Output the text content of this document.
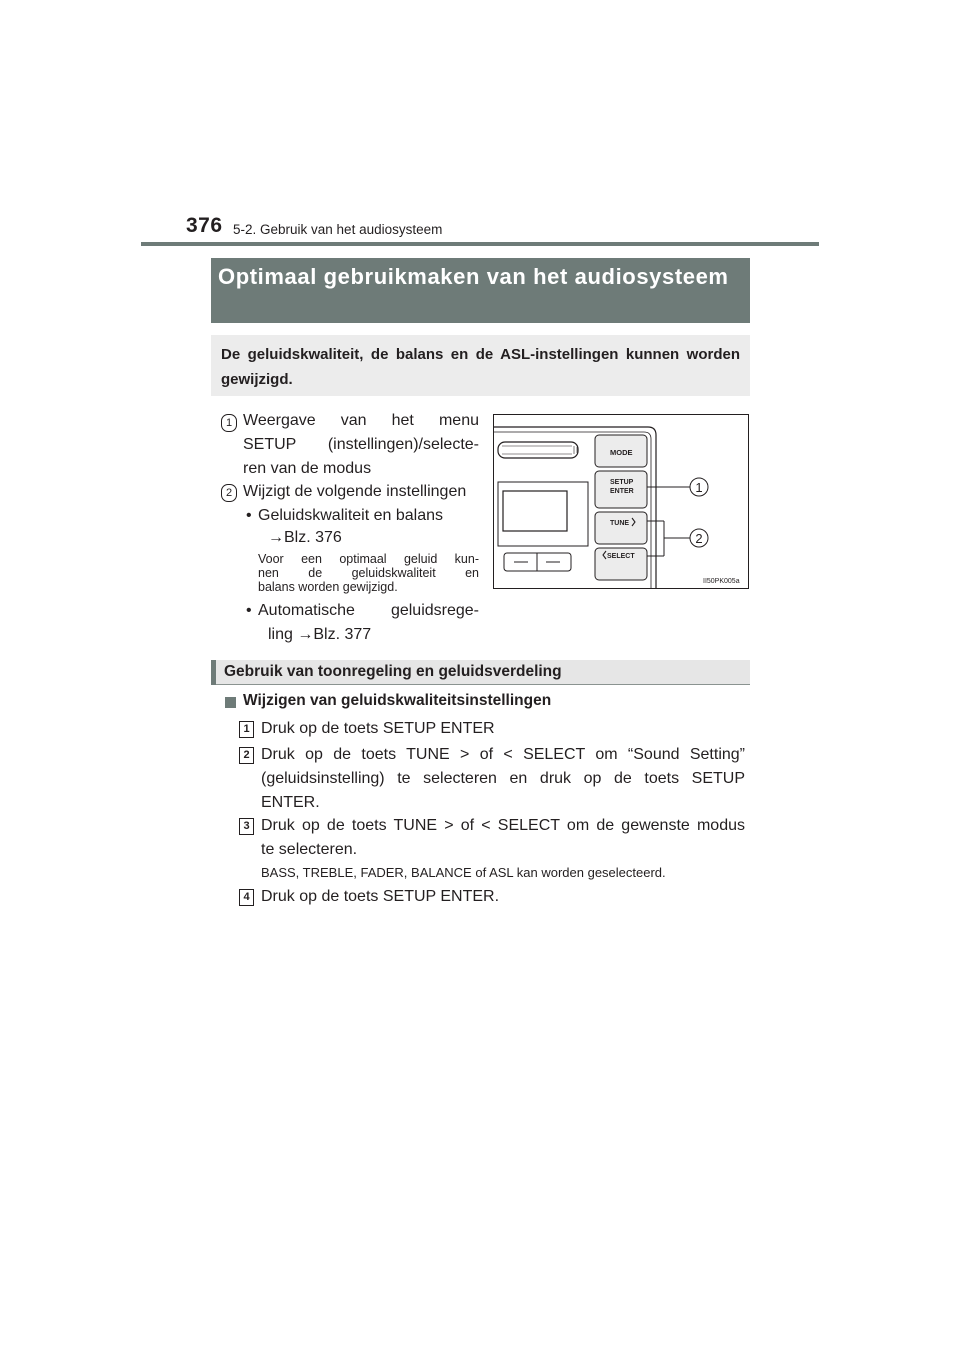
376 5-2. Gebruik van het audiosysteem
Optimaal gebruikmaken van het audiosysteem
De geluidskwaliteit, de balans en de ASL-instellingen kunnen worden gewijzigd.
1 Weergave van het menu
SETUP (instellingen)/selecte-
ren van de modus
2 Wijzigt de volgende instellingen
• Geluidskwaliteit en balans
→Blz. 376
Voor een optimaal geluid kun-
nen de geluidskwaliteit en
balans worden gewijzigd.
• Automatische geluidsrege-
ling →Blz. 377
MODE
SETUP
ENTER
TUNE
SELECT
1
2
II50PK005a
Gebruik van toonregeling en geluidsverdeling
Wijzigen van geluidskwaliteitsinstellingen
1 Druk op de toets SETUP ENTER
2 Druk op de toets TUNE > of < SELECT om “Sound Setting”
(geluidsinstelling) te selecteren en druk op de toets SETUP
ENTER.
3 Druk op de toets TUNE > of < SELECT om de gewenste modus
te selecteren.
BASS, TREBLE, FADER, BALANCE of ASL kan worden geselecteerd.
4 Druk op de toets SETUP ENTER.
